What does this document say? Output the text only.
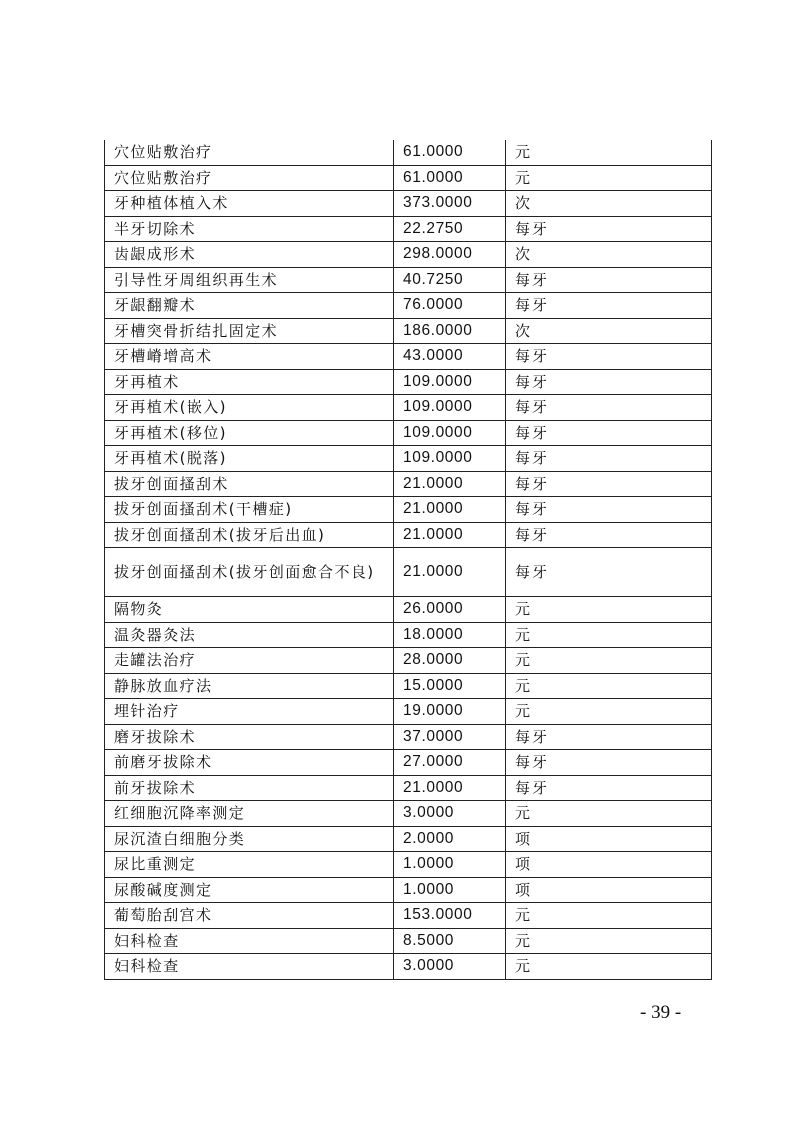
穴位贴敷治疗	61.0000	元
穴位贴敷治疗	61.0000	元
牙种植体植入术	373.0000	次
半牙切除术	22.2750	每牙
齿龈成形术	298.0000	次
引导性牙周组织再生术	40.7250	每牙
牙龈翻瓣术	76.0000	每牙
牙槽突骨折结扎固定术	186.0000	次
牙槽嵴增高术	43.0000	每牙
牙再植术	109.0000	每牙
牙再植术(嵌入)	109.0000	每牙
牙再植术(移位)	109.0000	每牙
牙再植术(脱落)	109.0000	每牙
拔牙创面搔刮术	21.0000	每牙
拔牙创面搔刮术(干槽症)	21.0000	每牙
拔牙创面搔刮术(拔牙后出血)	21.0000	每牙
拔牙创面搔刮术(拔牙创面愈合不良)	21.0000	每牙
隔物灸	26.0000	元
温灸器灸法	18.0000	元
走罐法治疗	28.0000	元
静脉放血疗法	15.0000	元
埋针治疗	19.0000	元
磨牙拔除术	37.0000	每牙
前磨牙拔除术	27.0000	每牙
前牙拔除术	21.0000	每牙
红细胞沉降率测定	3.0000	元
尿沉渣白细胞分类	2.0000	项
尿比重测定	1.0000	项
尿酸碱度测定	1.0000	项
葡萄胎刮宫术	153.0000	元
妇科检查	8.5000	元
妇科检查	3.0000	元
- 39 -
